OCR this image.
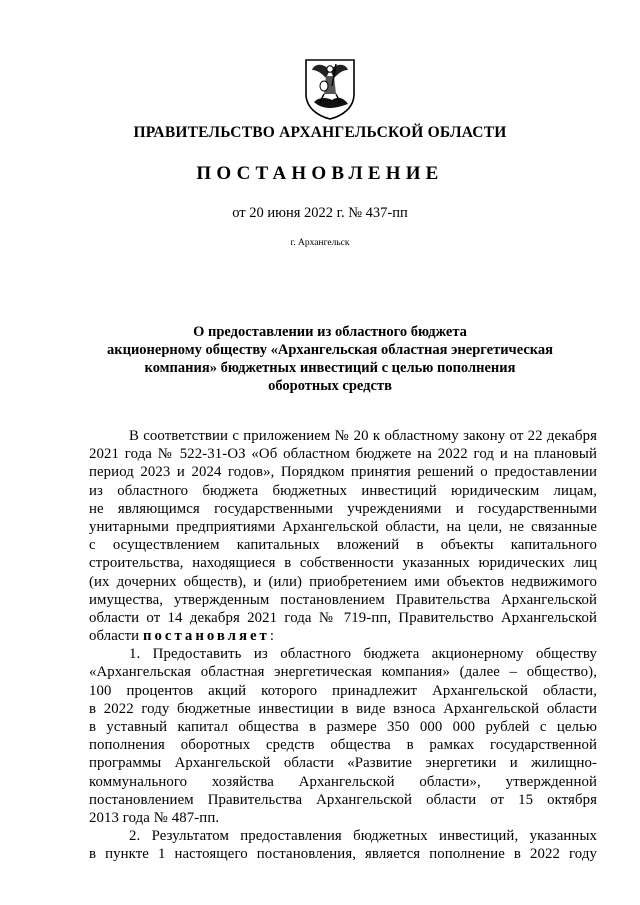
ПРАВИТЕЛЬСТВО АРХАНГЕЛЬСКОЙ ОБЛАСТИ
ПОСТАНОВЛЕНИЕ
от 20 июня 2022 г. № 437-пп
г. Архангельск
О предоставлении из областного бюджета
акционерному обществу «Архангельская областная энергетическая
компания» бюджетных инвестиций с целью пополнения
оборотных средств
В соответствии с приложением № 20 к областному закону от 22 декабря
2021 года № 522-31-ОЗ «Об областном бюджете на 2022 год и на плановый
период 2023 и 2024 годов», Порядком принятия решений о предоставлении
из областного бюджета бюджетных инвестиций юридическим лицам,
не являющимся государственными учреждениями и государственными
унитарными предприятиями Архангельской области, на цели, не связанные
с осуществлением капитальных вложений в объекты капитального
строительства, находящиеся в собственности указанных юридических лиц
(их дочерних обществ), и (или) приобретением ими объектов недвижимого
имущества, утвержденным постановлением Правительства Архангельской
области от 14 декабря 2021 года № 719-пп, Правительство Архангельской
области постановляет:
1. Предоставить из областного бюджета акционерному обществу
«Архангельская областная энергетическая компания» (далее – общество),
100 процентов акций которого принадлежит Архангельской области,
в 2022 году бюджетные инвестиции в виде взноса Архангельской области
в уставный капитал общества в размере 350 000 000 рублей с целью
пополнения оборотных средств общества в рамках государственной
программы Архангельской области «Развитие энергетики и жилищно-
коммунального хозяйства Архангельской области», утвержденной
постановлением Правительства Архангельской области от 15 октября
2013 года № 487-пп.
2. Результатом предоставления бюджетных инвестиций, указанных
в пункте 1 настоящего постановления, является пополнение в 2022 году
